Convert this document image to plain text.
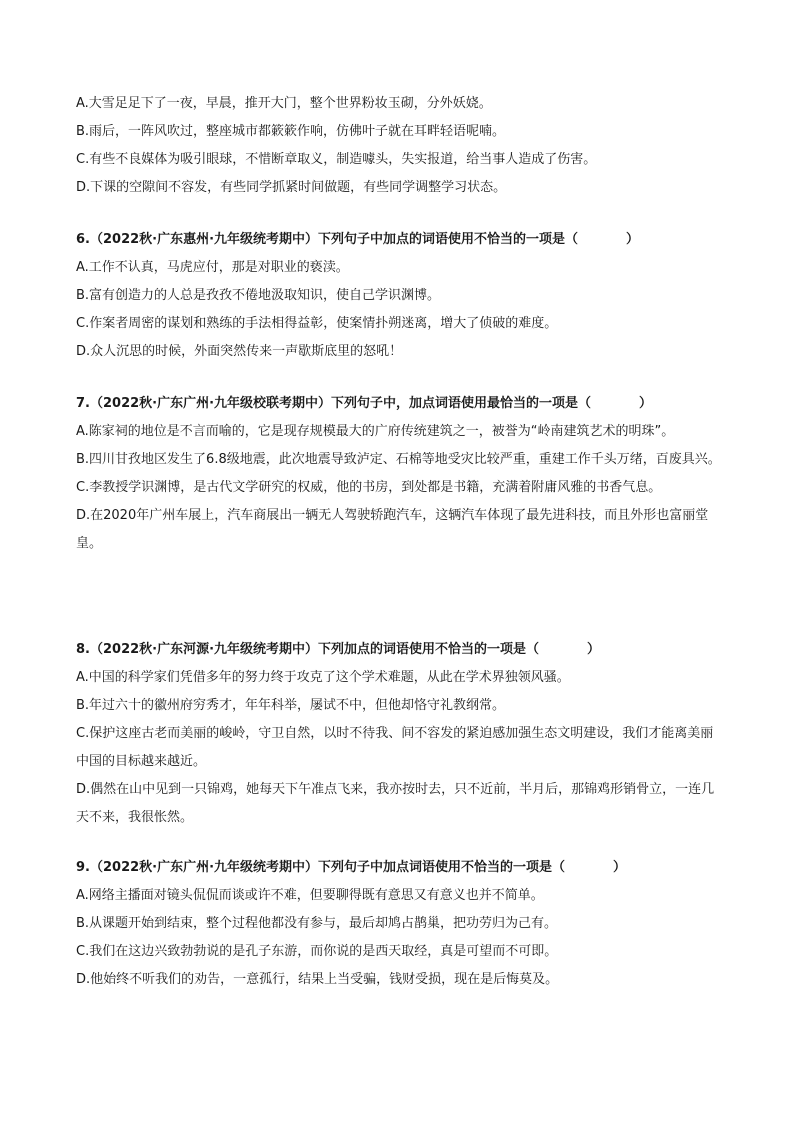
A.大雪足足下了一夜，早晨，推开大门，整个世界粉妆玉砌，分外妖娆。
B.雨后，一阵风吹过，整座城市都簌簌作响，仿佛叶子就在耳畔轻语呢喃。
C.有些不良媒体为吸引眼球，不惜断章取义，制造噱头，失实报道，给当事人造成了伤害。
D.下课的空隙间不容发，有些同学抓紧时间做题，有些同学调整学习状态。
6.（2022秋·广东惠州·九年级统考期中）下列句子中加点的词语使用不恰当的一项是（	）
A.工作不认真，马虎应付，那是对职业的亵渎。
B.富有创造力的人总是孜孜不倦地汲取知识，使自己学识渊博。
C.作案者周密的谋划和熟练的手法相得益彰，使案情扑朔迷离，增大了侦破的难度。
D.众人沉思的时候，外面突然传来一声歇斯底里的怒吼！
7.（2022秋·广东广州·九年级校联考期中）下列句子中，加点词语使用最恰当的一项是（	）
A.陈家祠的地位是不言而喻的，它是现存规模最大的广府传统建筑之一，被誉为“岭南建筑艺术的明珠”。
B.四川甘孜地区发生了6.8级地震，此次地震导致泸定、石棉等地受灾比较严重，重建工作千头万绪，百废具兴。
C.李教授学识渊博，是古代文学研究的权威，他的书房，到处都是书籍，充满着附庸风雅的书香气息。
D.在2020年广州车展上，汽车商展出一辆无人驾驶轿跑汽车，这辆汽车体现了最先进科技，而且外形也富丽堂皇。
8.（2022秋·广东河源·九年级统考期中）下列加点的词语使用不恰当的一项是（	）
A.中国的科学家们凭借多年的努力终于攻克了这个学术难题，从此在学术界独领风骚。
B.年过六十的徽州府穷秀才，年年科举，屡试不中，但他却恪守礼教纲常。
C.保护这座古老而美丽的峻岭，守卫自然，以时不待我、间不容发的紧迫感加强生态文明建设，我们才能离美丽中国的目标越来越近。
D.偶然在山中见到一只锦鸡，她每天下午准点飞来，我亦按时去，只不近前，半月后，那锦鸡形销骨立，一连几天不来，我很怅然。
9.（2022秋·广东广州·九年级统考期中）下列句子中加点词语使用不恰当的一项是（	）
A.网络主播面对镜头侃侃而谈或许不难，但要聊得既有意思又有意义也并不简单。
B.从课题开始到结束，整个过程他都没有参与，最后却鸠占鹊巢，把功劳归为己有。
C.我们在这边兴致勃勃说的是孔子东游，而你说的是西天取经，真是可望而不可即。
D.他始终不听我们的劝告，一意孤行，结果上当受骗，钱财受损，现在是后悔莫及。
